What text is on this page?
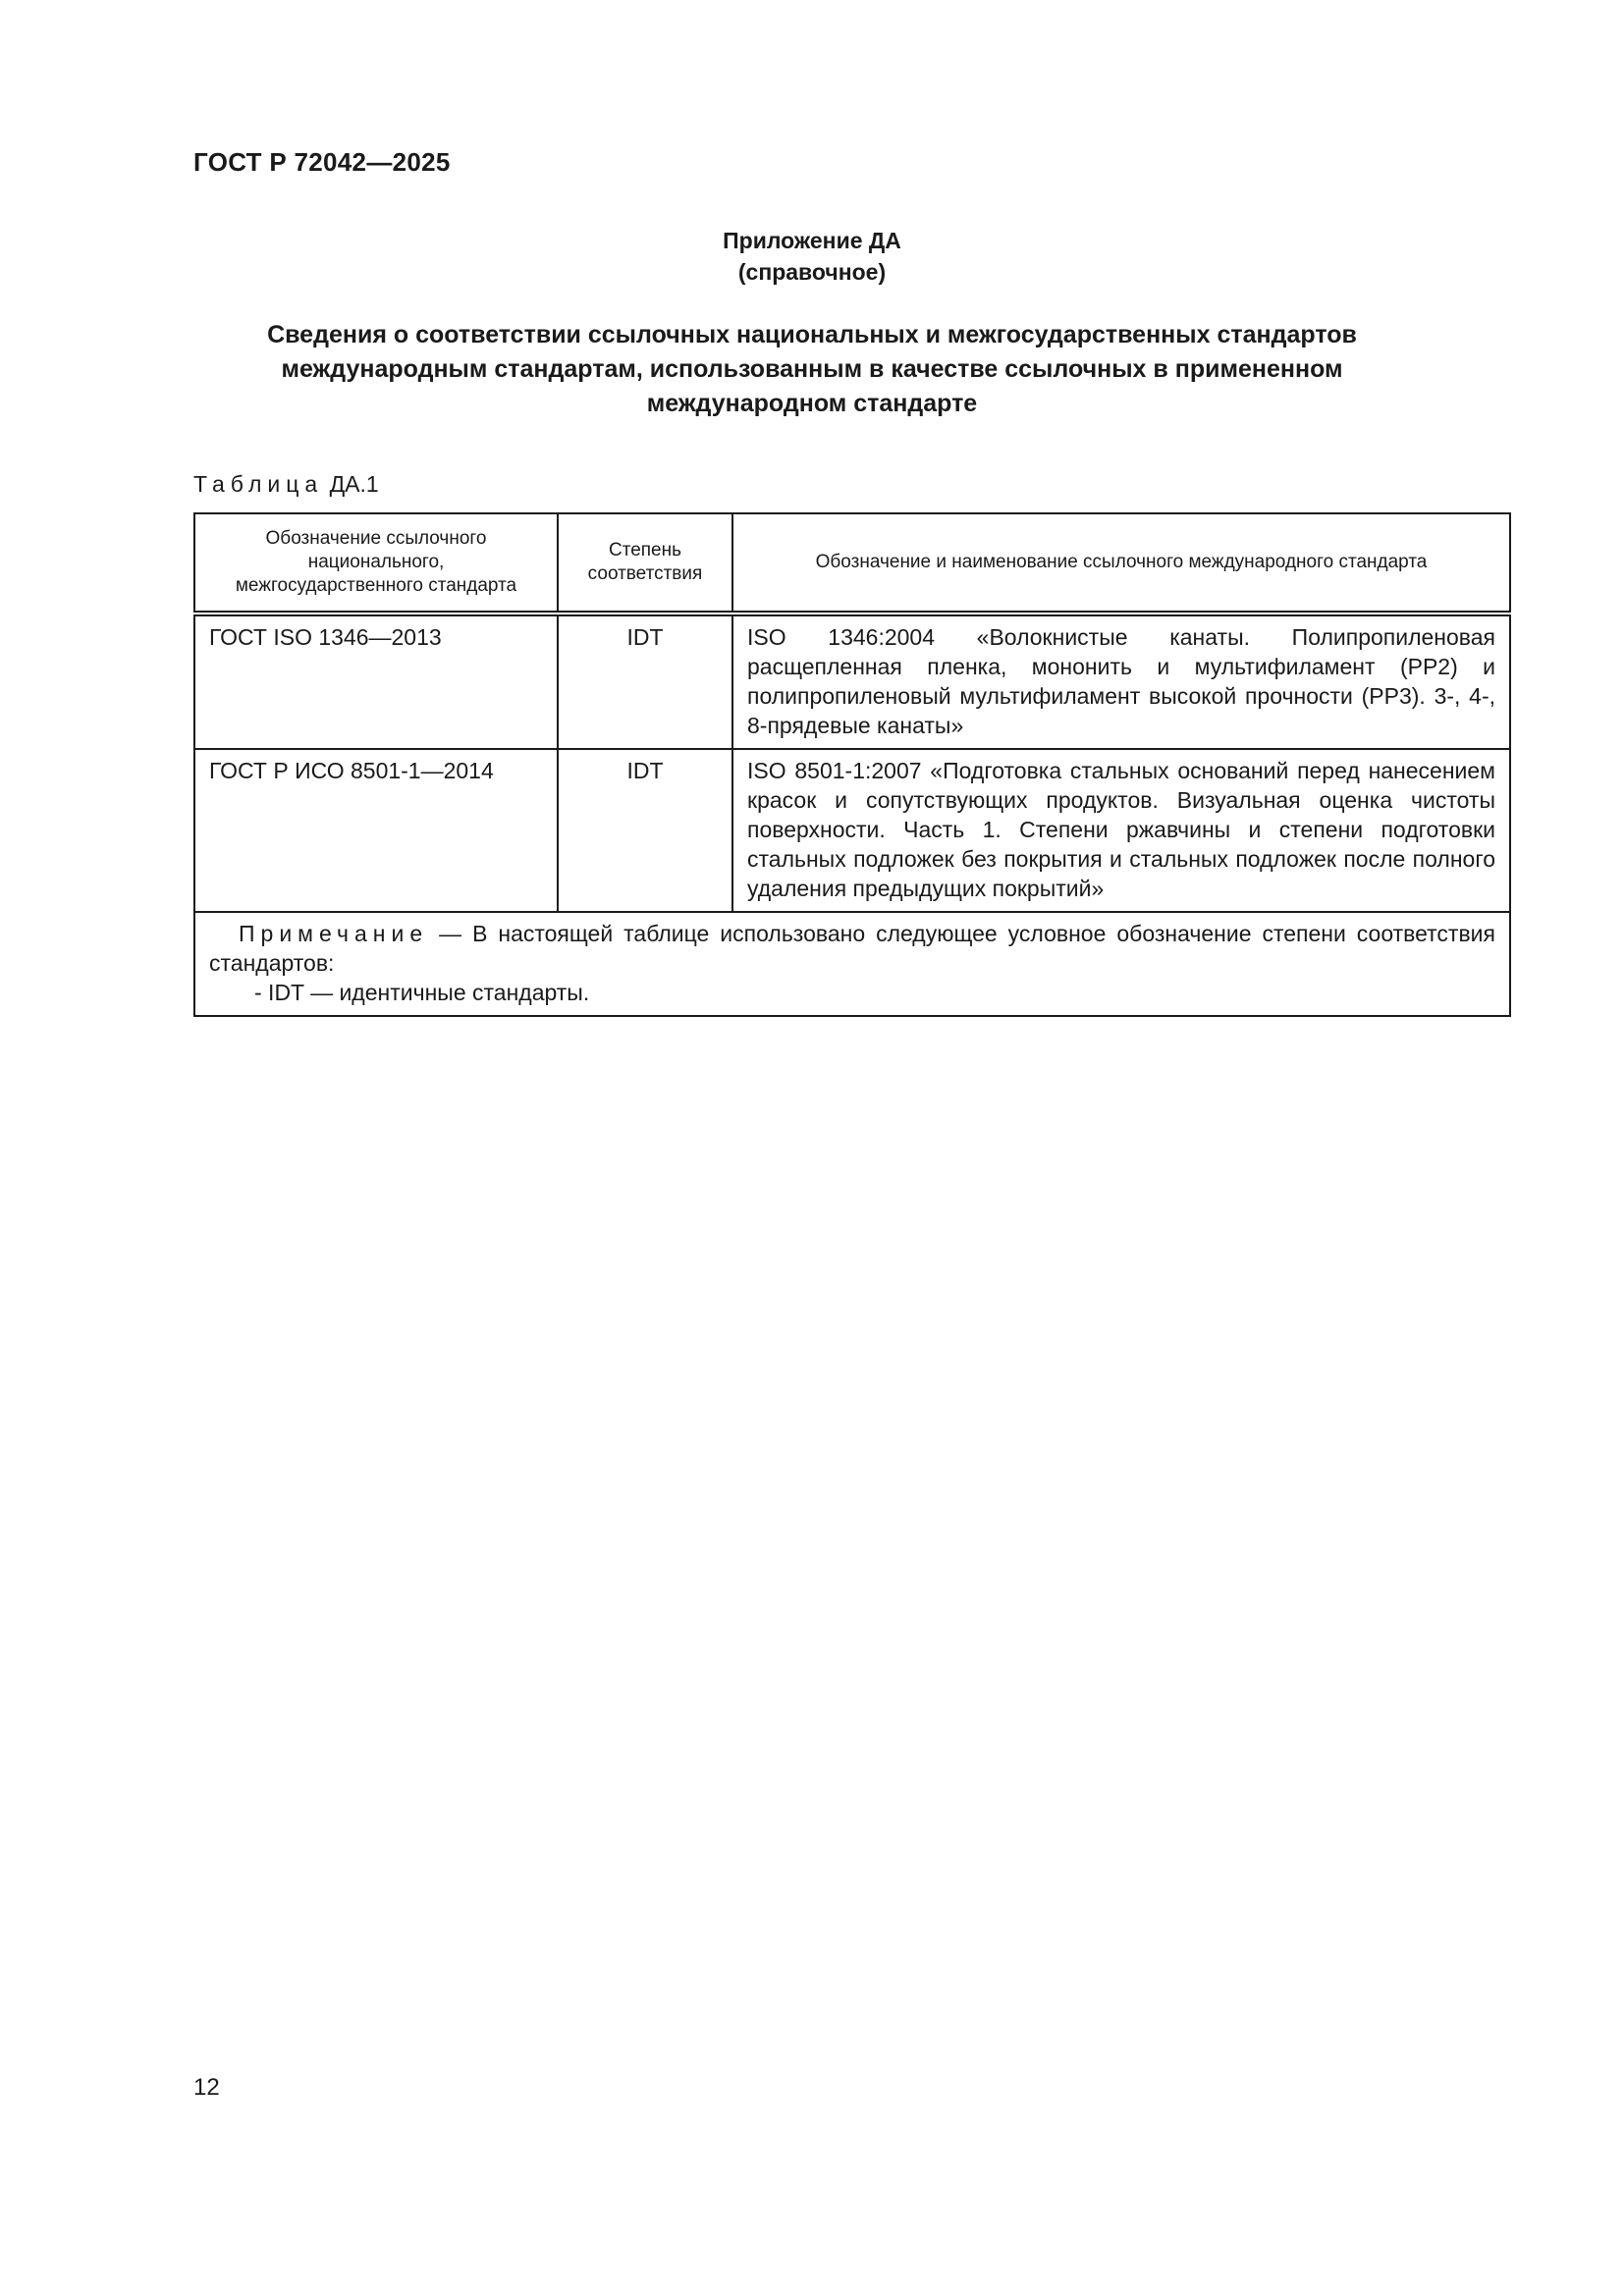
ГОСТ Р 72042—2025
Приложение ДА
(справочное)
Сведения о соответствии ссылочных национальных и межгосударственных стандартов
международным стандартам, использованным в качестве ссылочных в примененном
международном стандарте
Таблица ДА.1
Обозначение ссылочного национального, межгосударственного стандарта	Степень соответствия	Обозначение и наименование ссылочного международного стандарта
ГОСТ ISO 1346—2013	IDT	ISO 1346:2004 «Волокнистые канаты. Полипропиленовая расщепленная пленка, мононить и мультифиламент (PP2) и полипропиленовый мультифиламент высокой прочности (PP3). 3-, 4-, 8-прядевые канаты»
ГОСТ Р ИСО 8501-1—2014	IDT	ISO 8501-1:2007 «Подготовка стальных оснований перед нанесением красок и сопутствующих продуктов. Визуальная оценка чистоты поверхности. Часть 1. Степени ржавчины и степени подготовки стальных подложек без покрытия и стальных подложек после полного удаления предыдущих покрытий»

Примечание — В настоящей таблице использовано следующее условное обозначение степени соответствия стандартов:
- IDT — идентичные стандарты.		
12
